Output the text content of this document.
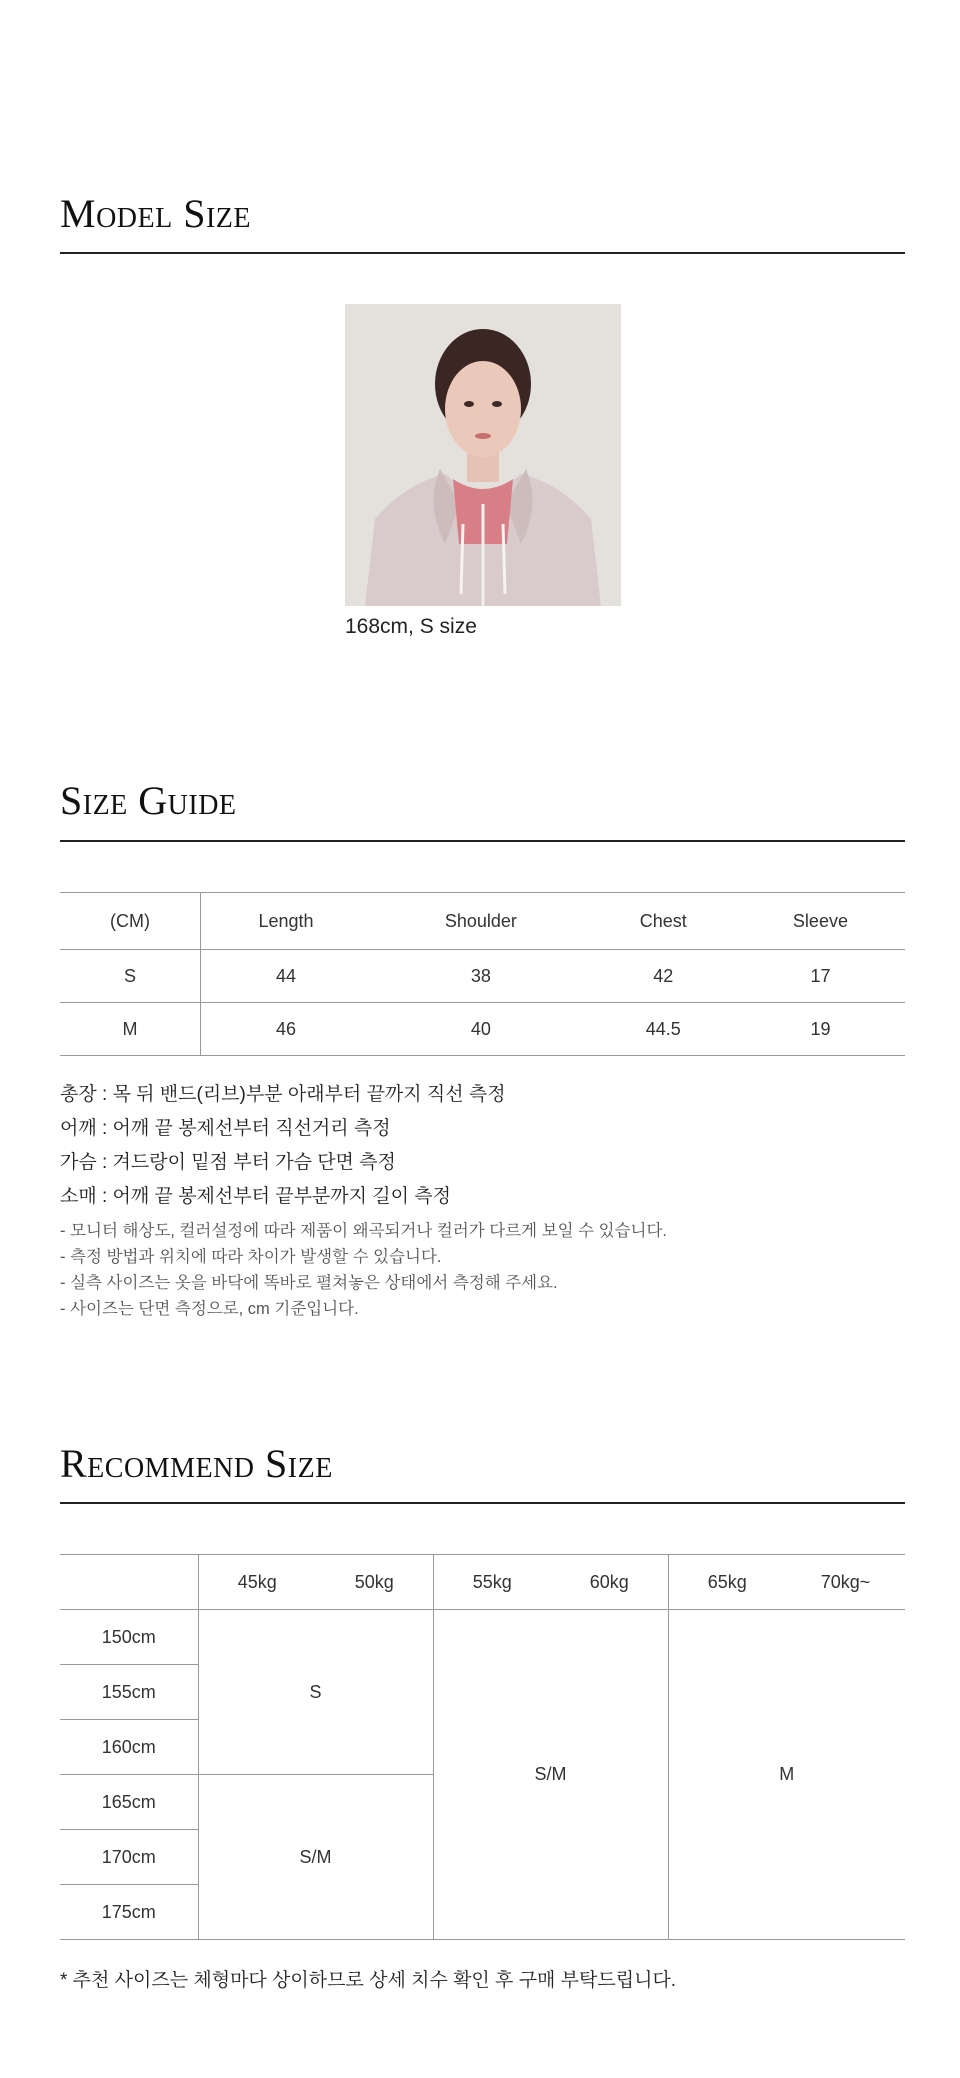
Model Size
168cm, S size
Size Guide
(CM)	Length	Shoulder	Chest	Sleeve
S	44	38	42	17
M	46	40	44.5	19
총장 : 목 뒤 밴드(리브)부분 아래부터 끝까지 직선 측정
어깨 : 어깨 끝 봉제선부터 직선거리 측정
가슴 : 겨드랑이 밑점 부터 가슴 단면 측정
소매 : 어깨 끝 봉제선부터 끝부분까지 길이 측정
- 모니터 해상도, 컬러설정에 따라 제품이 왜곡되거나 컬러가 다르게 보일 수 있습니다.
- 측정 방법과 위치에 따라 차이가 발생할 수 있습니다.
- 실측 사이즈는 옷을 바닥에 똑바로 펼쳐놓은 상태에서 측정해 주세요.
- 사이즈는 단면 측정으로, cm 기준입니다.
Recommend Size
	45kg	50kg	55kg	60kg	65kg	70kg~
150cm	S		S/M		M	
155cm						
160cm						
165cm	S/M					
170cm						
175cm						
* 추천 사이즈는 체형마다 상이하므로 상세 치수 확인 후 구매 부탁드립니다.
